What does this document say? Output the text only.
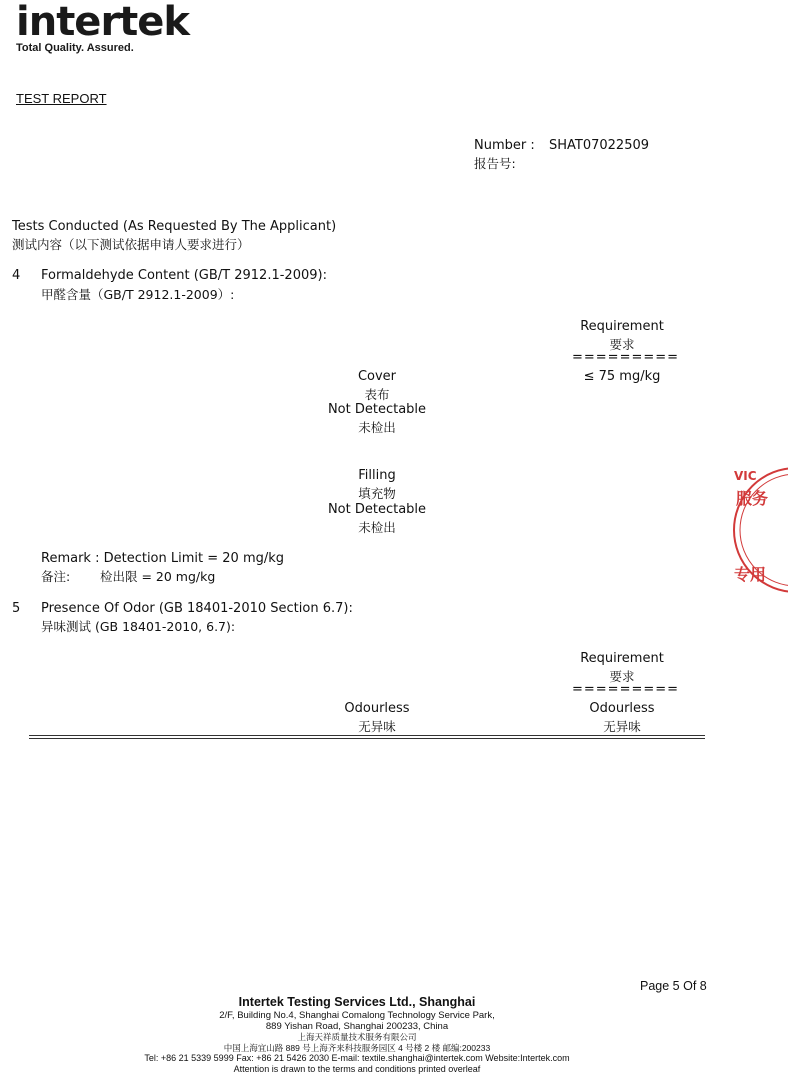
intertek
Total Quality. Assured.
TEST REPORT
Number : SHAT07022509
报告号:
Tests Conducted (As Requested By The Applicant)
测试内容（以下测试依据申请人要求进行）
4 Formaldehyde Content (GB/T 2912.1-2009):
甲醛含量（GB/T 2912.1-2009）:
Requirement
要求
=========
≤ 75 mg/kg
Cover
表布
Not Detectable
未检出
Filling
填充物
Not Detectable
未检出
Remark : Detection Limit = 20 mg/kg
备注: 检出限 = 20 mg/kg
5 Presence Of Odor (GB 18401-2010 Section 6.7):
异味测试 (GB 18401-2010, 6.7):
Requirement
要求
=========
Odourless
无异味
Odourless
无异味
VIC
服务
专用
Page 5 Of 8
Intertek Testing Services Ltd., Shanghai
2/F, Building No.4, Shanghai Comalong Technology Service Park,
889 Yishan Road, Shanghai 200233, China
上海天祥质量技术服务有限公司
中国上海宜山路 889 号上海齐来科技服务园区 4 号楼 2 楼 邮编:200233
Tel: +86 21 5339 5999 Fax: +86 21 5426 2030 E-mail: textile.shanghai@intertek.com Website:Intertek.com
Attention is drawn to the terms and conditions printed overleaf
